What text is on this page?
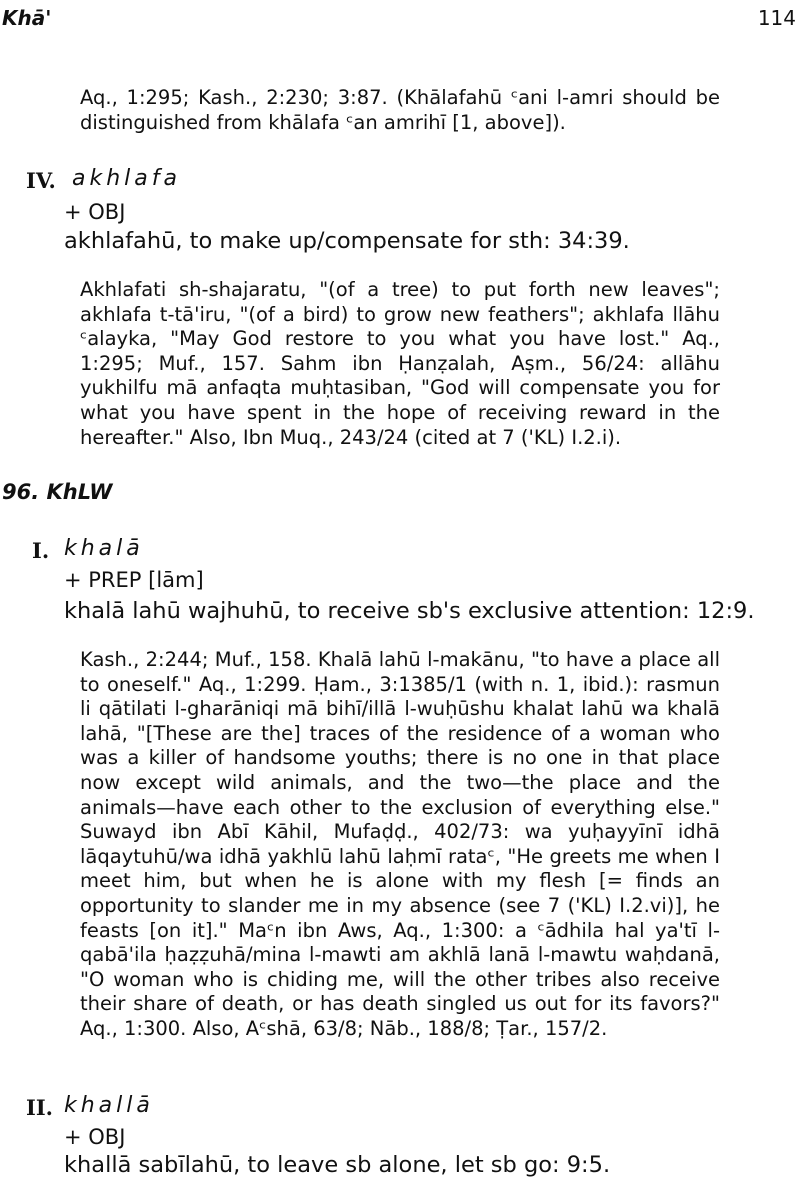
Khā'	114

Aq., 1:295; Kash., 2:230; 3:87. (Khālafahū ᶜani l-amri should be distinguished from khālafa ᶜan amrihī [1, above]).

IV. akhlafa
+ OBJ
akhlafahū, to make up/compensate for sth: 34:39.

Akhlafati sh-shajaratu, "(of a tree) to put forth new leaves"; akhlafa t-tā'iru, "(of a bird) to grow new feathers"; akhlafa llāhu ᶜalayka, "May God restore to you what you have lost." Aq., 1:295; Muf., 157. Sahm ibn Ḥanẓalah, Aṣm., 56/24: allāhu yukhilfu mā anfaqta muḥtasiban, "God will compensate you for what you have spent in the hope of receiving reward in the hereafter." Also, Ibn Muq., 243/24 (cited at 7 ('KL) I.2.i).

96. KhLW
I. khalā
+ PREP [lām]
khalā lahū wajhuhū, to receive sb's exclusive attention: 12:9.

Kash., 2:244; Muf., 158. Khalā lahū l-makānu, "to have a place all to oneself." Aq., 1:299. Ḥam., 3:1385/1 (with n. 1, ibid.): rasmun li qātilati l-gharāniqi mā bihī/illā l-wuḥūshu khalat lahū wa khalā lahā, "[These are the] traces of the residence of a woman who was a killer of handsome youths; there is no one in that place now except wild animals, and the two—the place and the animals—have each other to the exclusion of everything else." Suwayd ibn Abī Kāhil, Mufaḍḍ., 402/73: wa yuḥayyīnī idhā lāqaytuhū/wa idhā yakhlū lahū laḥmī rataᶜ, "He greets me when I meet him, but when he is alone with my flesh [= finds an opportunity to slander me in my absence (see 7 ('KL) I.2.vi)], he feasts [on it]." Maᶜn ibn Aws, Aq., 1:300: a ᶜādhila hal ya'tī l-qabā'ila ḥaẓẓuhā/mina l-mawti am akhlā lanā l-mawtu waḥdanā, "O woman who is chiding me, will the other tribes also receive their share of death, or has death singled us out for its favors?" Aq., 1:300. Also, Aᶜshā, 63/8; Nāb., 188/8; Ṭar., 157/2.

II. khallā
+ OBJ
khallā sabīlahū, to leave sb alone, let sb go: 9:5.
